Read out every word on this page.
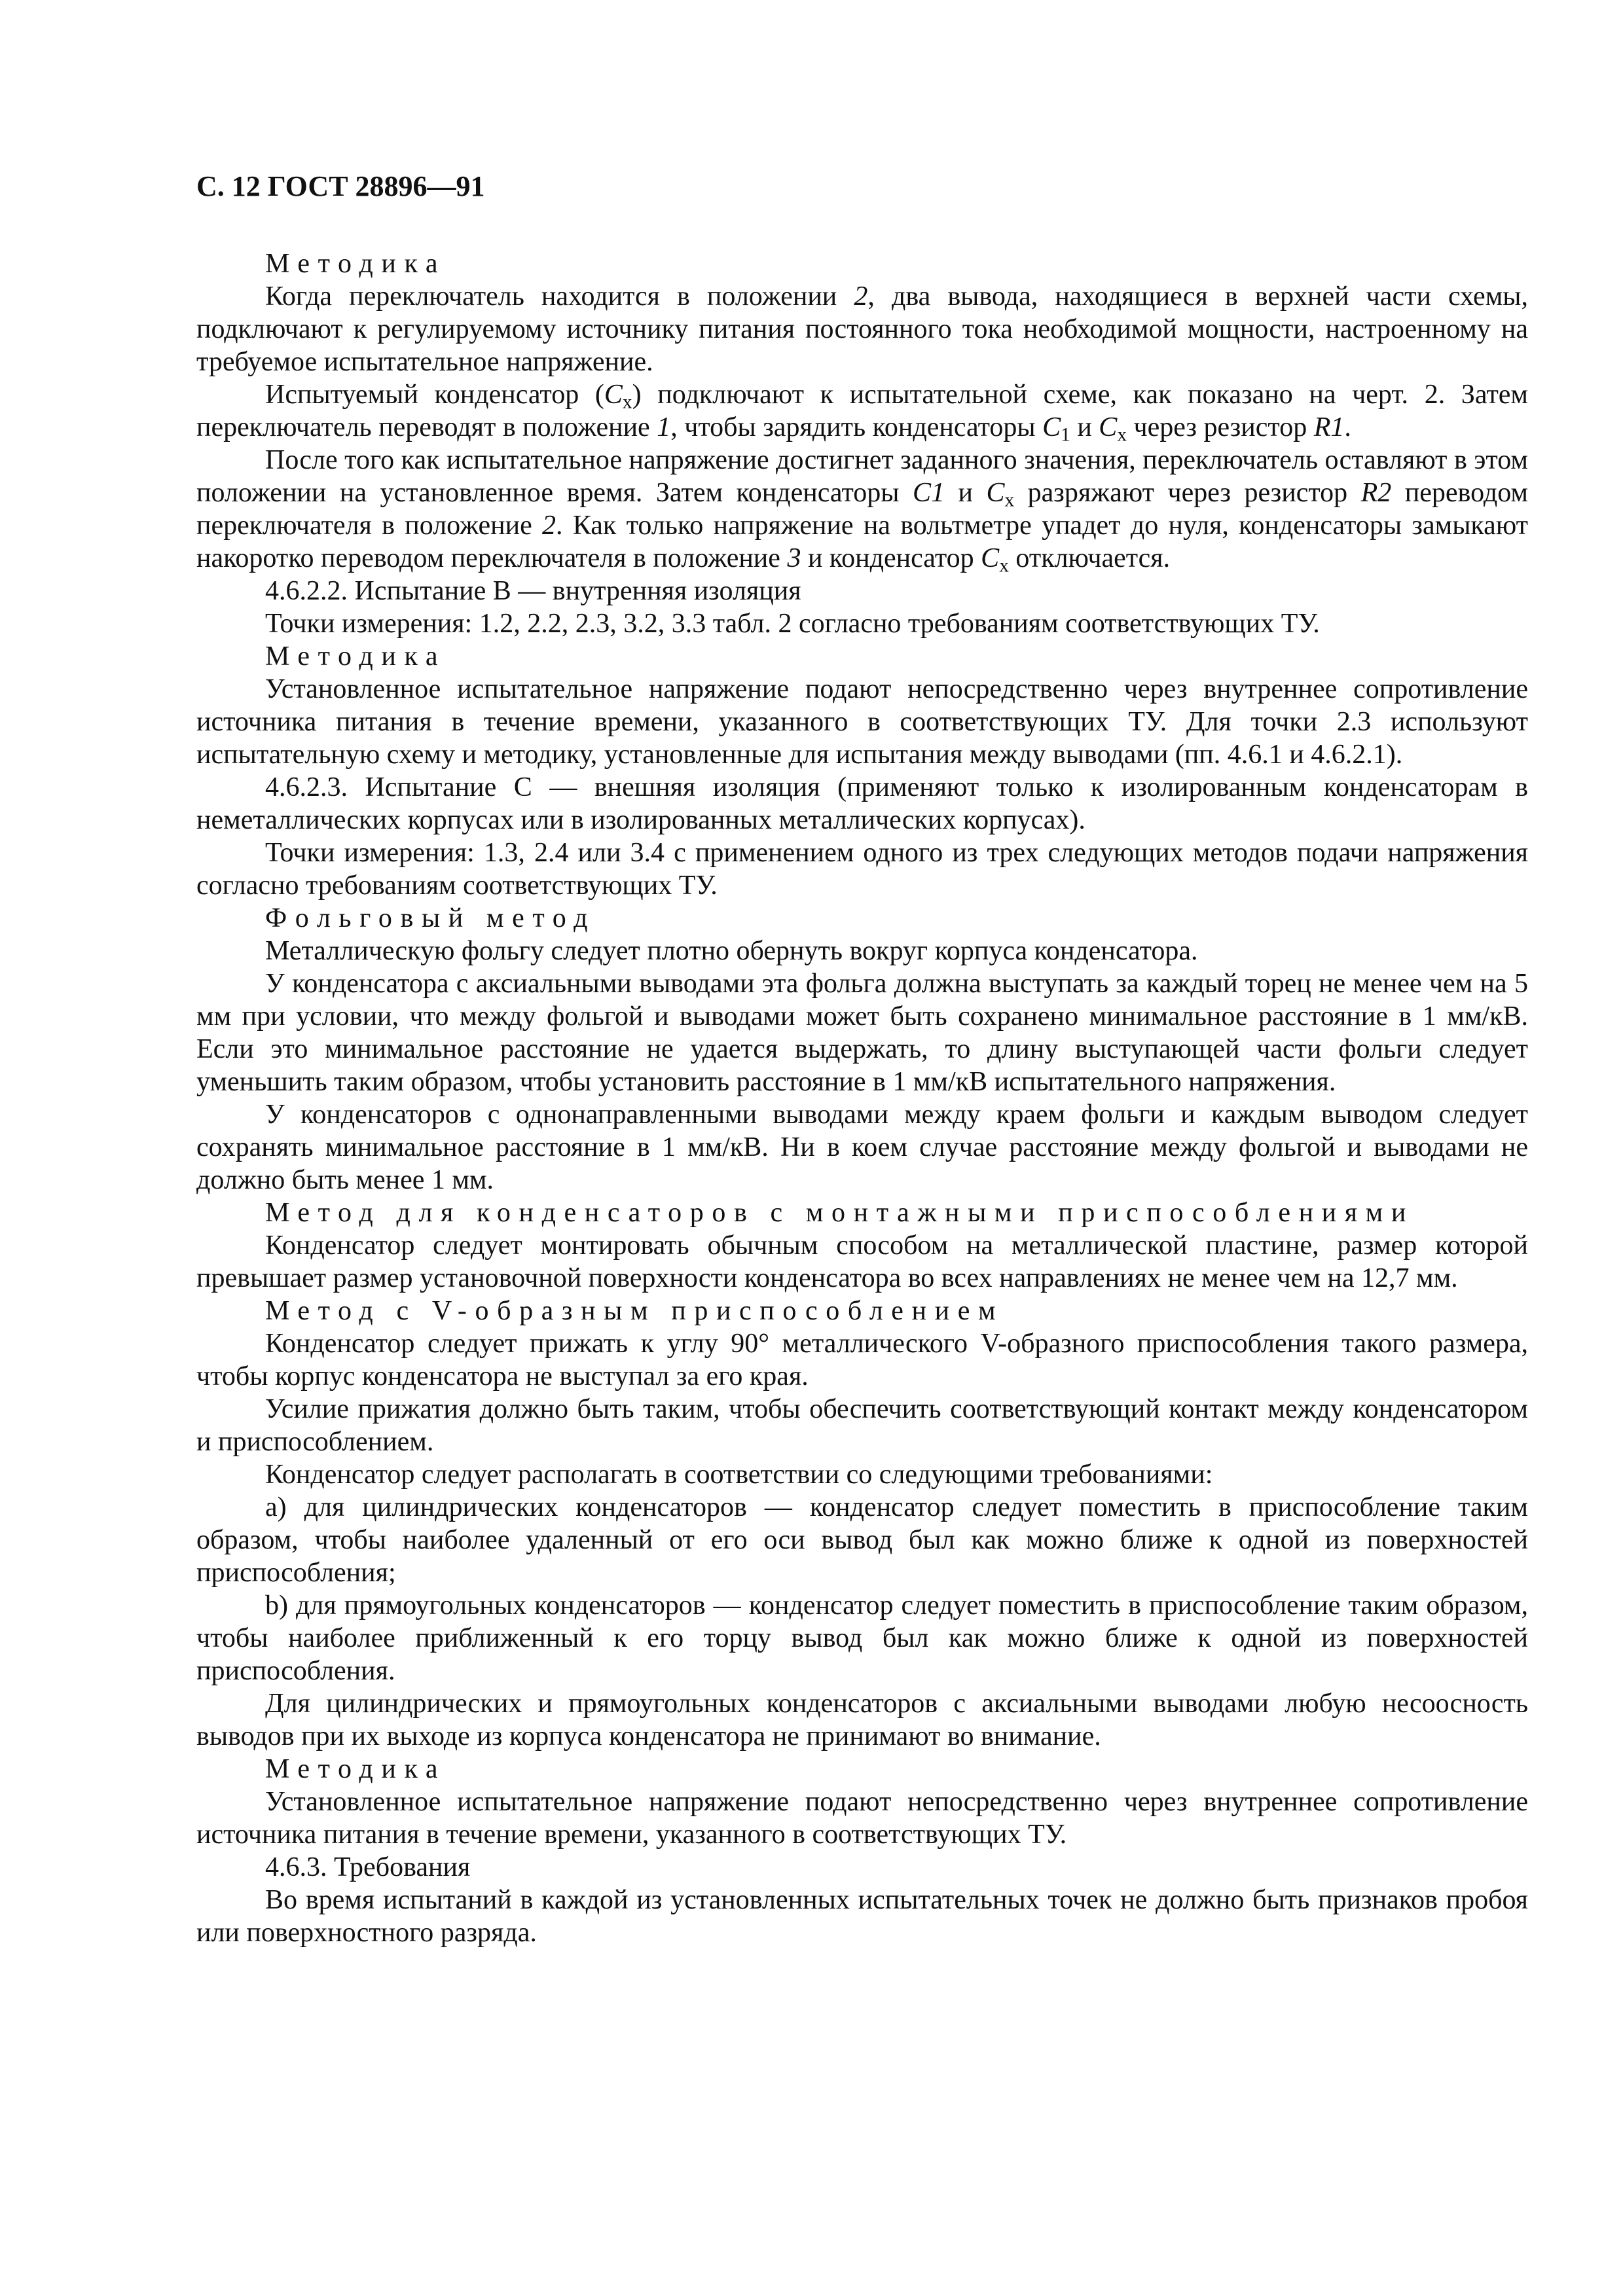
С. 12 ГОСТ 28896—91
Методика

Когда переключатель находится в положении 2, два вывода, находящиеся в верхней части схемы, подключают к регулируемому источнику питания постоянного тока необходимой мощности, настроенному на требуемое испытательное напряжение.

Испытуемый конденсатор $(C_x)$ подключают к испытательной схеме, как показано на черт. 2. Затем переключатель переводят в положение 1, чтобы зарядить конденсаторы $C_1$ и $C_x$ через резистор R1.

После того как испытательное напряжение достигнет заданного значения, переключатель оставляют в этом положении на установленное время. Затем конденсаторы C1 и $C_x$ разряжают через резистор R2 переводом переключателя в положение 2. Как только напряжение на вольтметре упадет до нуля, конденсаторы замыкают накоротко переводом переключателя в положение 3 и конденсатор $C_x$ отключается.

4.6.2.2. Испытание В — внутренняя изоляция

Точки измерения: 1.2, 2.2, 2.3, 3.2, 3.3 табл. 2 согласно требованиям соответствующих ТУ.

Методика

Установленное испытательное напряжение подают непосредственно через внутреннее сопротивление источника питания в течение времени, указанного в соответствующих ТУ. Для точки 2.3 используют испытательную схему и методику, установленные для испытания между выводами (пп. 4.6.1 и 4.6.2.1).

4.6.2.3. Испытание С — внешняя изоляция (применяют только к изолированным конденсаторам в неметаллических корпусах или в изолированных металлических корпусах).

Точки измерения: 1.3, 2.4 или 3.4 с применением одного из трех следующих методов подачи напряжения согласно требованиям соответствующих ТУ.

Фольговый метод

Металлическую фольгу следует плотно обернуть вокруг корпуса конденсатора.

У конденсатора с аксиальными выводами эта фольга должна выступать за каждый торец не менее чем на 5 мм при условии, что между фольгой и выводами может быть сохранено минимальное расстояние в 1 мм/кВ. Если это минимальное расстояние не удается выдержать, то длину выступающей части фольги следует уменьшить таким образом, чтобы установить расстояние в 1 мм/кВ испытательного напряжения.

У конденсаторов с однонаправленными выводами между краем фольги и каждым выводом следует сохранять минимальное расстояние в 1 мм/кВ. Ни в коем случае расстояние между фольгой и выводами не должно быть менее 1 мм.

Метод для конденсаторов с монтажными приспособлениями

Конденсатор следует монтировать обычным способом на металлической пластине, размер которой превышает размер установочной поверхности конденсатора во всех направлениях не менее чем на 12,7 мм.

Метод с V-образным приспособлением

Конденсатор следует прижать к углу 90° металлического V-образного приспособления такого размера, чтобы корпус конденсатора не выступал за его края.

Усилие прижатия должно быть таким, чтобы обеспечить соответствующий контакт между конденсатором и приспособлением.

Конденсатор следует располагать в соответствии со следующими требованиями:

а) для цилиндрических конденсаторов — конденсатор следует поместить в приспособление таким образом, чтобы наиболее удаленный от его оси вывод был как можно ближе к одной из поверхностей приспособления;

b) для прямоугольных конденсаторов — конденсатор следует поместить в приспособление таким образом, чтобы наиболее приближенный к его торцу вывод был как можно ближе к одной из поверхностей приспособления.

Для цилиндрических и прямоугольных конденсаторов с аксиальными выводами любую несоосность выводов при их выходе из корпуса конденсатора не принимают во внимание.

Методика

Установленное испытательное напряжение подают непосредственно через внутреннее сопротивление источника питания в течение времени, указанного в соответствующих ТУ.

4.6.3. Требования

Во время испытаний в каждой из установленных испытательных точек не должно быть признаков пробоя или поверхностного разряда.
